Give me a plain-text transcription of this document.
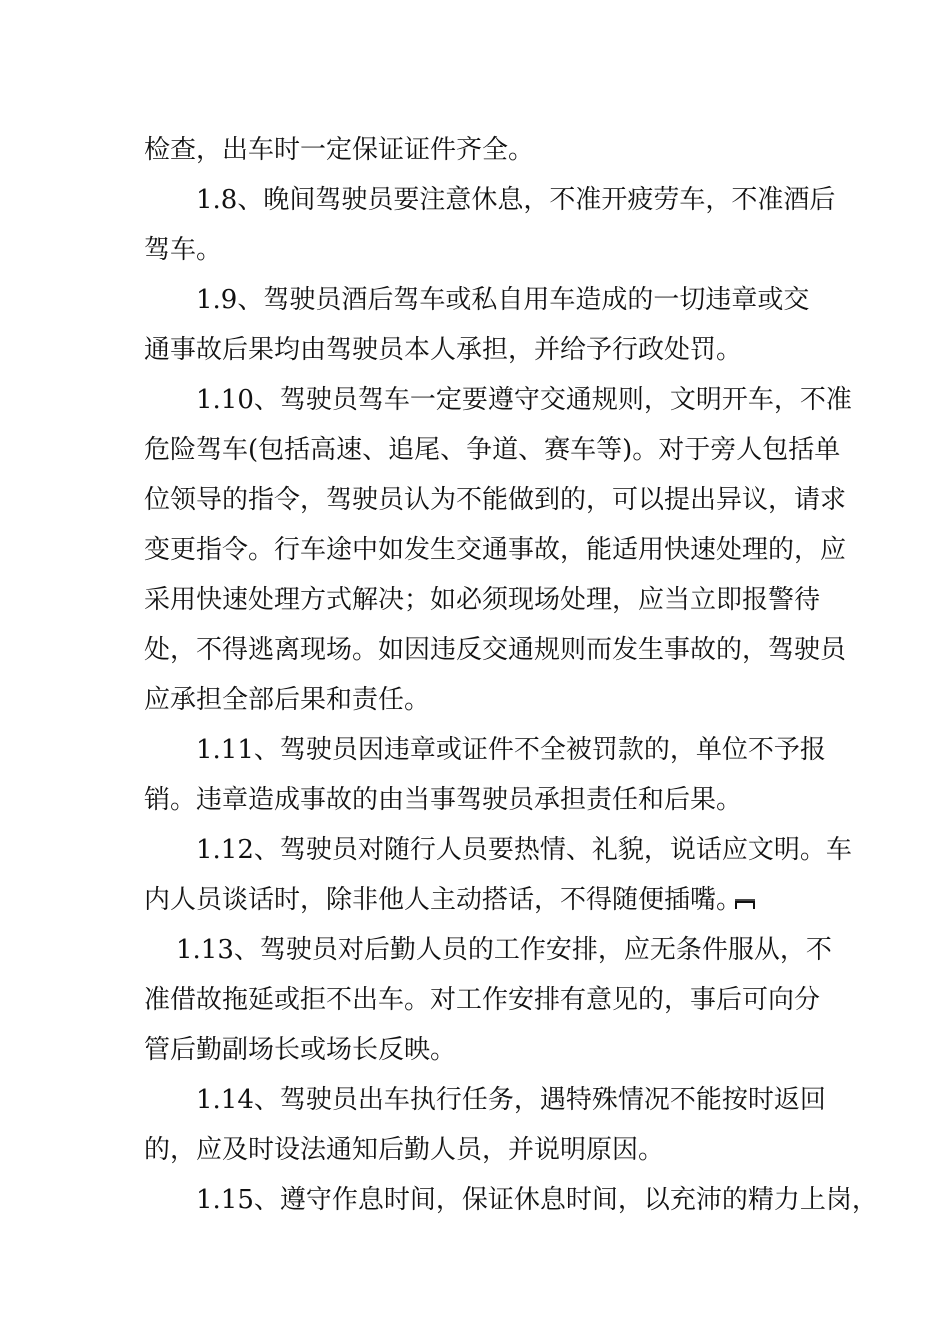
检查，出车时一定保证证件齐全。
1.8、晚间驾驶员要注意休息，不准开疲劳车，不准酒后
驾车。
1.9、驾驶员酒后驾车或私自用车造成的一切违章或交
通事故后果均由驾驶员本人承担，并给予行政处罚。
1.10、驾驶员驾车一定要遵守交通规则，文明开车，不准
危险驾车(包括高速、追尾、争道、赛车等)。对于旁人包括单
位领导的指令，驾驶员认为不能做到的，可以提出异议，请求
变更指令。行车途中如发生交通事故，能适用快速处理的，应
采用快速处理方式解决；如必须现场处理，应当立即报警待
处，不得逃离现场。如因违反交通规则而发生事故的，驾驶员
应承担全部后果和责任。
1.11、驾驶员因违章或证件不全被罚款的，单位不予报
销。违章造成事故的由当事驾驶员承担责任和后果。
1.12、驾驶员对随行人员要热情、礼貌，说话应文明。车
内人员谈话时，除非他人主动搭话，不得随便插嘴。
1.13、驾驶员对后勤人员的工作安排，应无条件服从，不
准借故拖延或拒不出车。对工作安排有意见的，事后可向分
管后勤副场长或场长反映。
1.14、驾驶员出车执行任务，遇特殊情况不能按时返回
的，应及时设法通知后勤人员，并说明原因。
1.15、遵守作息时间，保证休息时间，以充沛的精力上岗，
